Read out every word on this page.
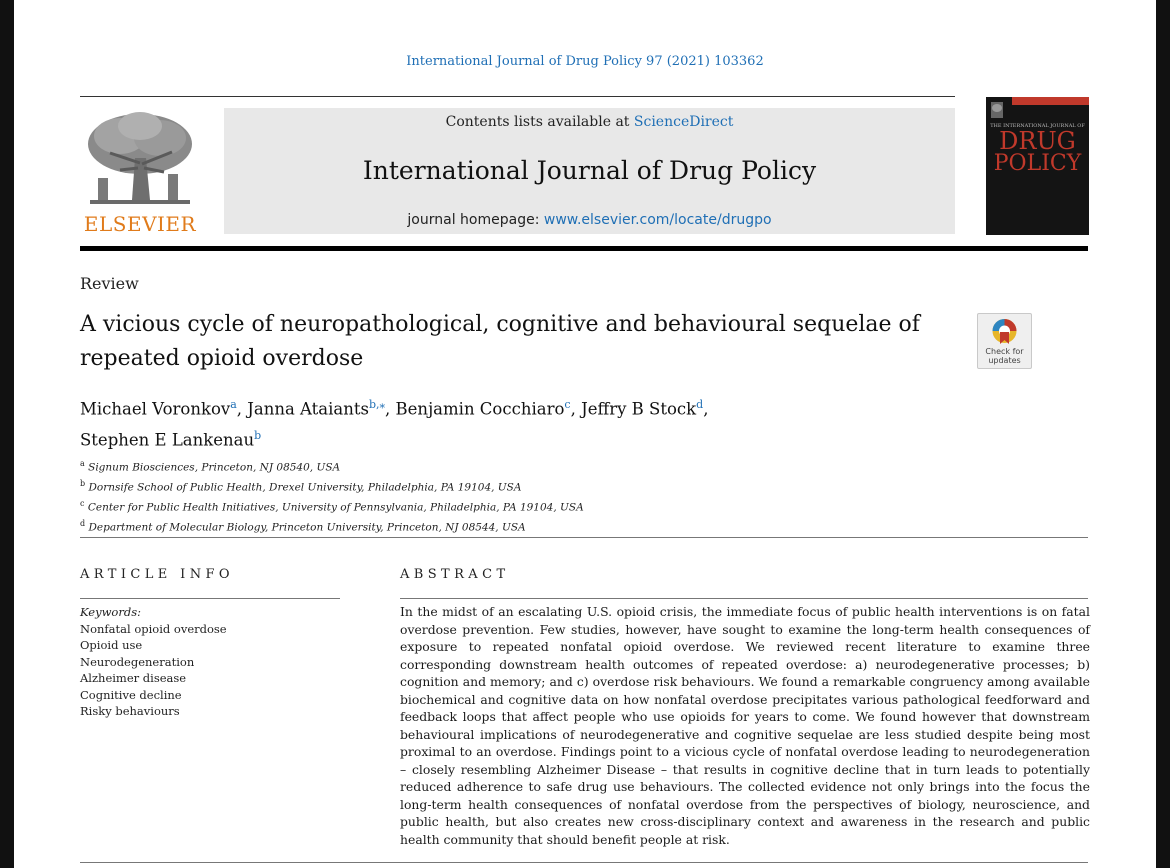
International Journal of Drug Policy 97 (2021) 103362
ELSEVIER
Contents lists available at ScienceDirect
International Journal of Drug Policy
journal homepage: www.elsevier.com/locate/drugpo
THE INTERNATIONAL JOURNAL OF
DRUG
POLICY
Review
A vicious cycle of neuropathological, cognitive and behavioural sequelae of repeated opioid overdose	Check for updates
Michael Voronkov$^a$, Janna Ataiants$^{b,⁎}$, Benjamin Cocchiaro$^c$, Jeffry B Stock$^d$,
Stephen E Lankenau$^b$
$^a$ Signum Biosciences, Princeton, NJ 08540, USA
$^b$ Dornsife School of Public Health, Drexel University, Philadelphia, PA 19104, USA
$^c$ Center for Public Health Initiatives, University of Pennsylvania, Philadelphia, PA 19104, USA
$^d$ Department of Molecular Biology, Princeton University, Princeton, NJ 08544, USA
ARTICLE INFO	ABSTRACT
Keywords:
Nonfatal opioid overdose
Opioid use
Neurodegeneration
Alzheimer disease
Cognitive decline
Risky behaviours

In the midst of an escalating U.S. opioid crisis, the immediate focus of public health interventions is on fatal overdose prevention. Few studies, however, have sought to examine the long-term health consequences of exposure to repeated nonfatal opioid overdose. We reviewed recent literature to examine three corresponding downstream health outcomes of repeated overdose: a) neurodegenerative processes; b) cognition and memory; and c) overdose risk behaviours. We found a remarkable congruency among available biochemical and cognitive data on how nonfatal overdose precipitates various pathological feedforward and feedback loops that affect people who use opioids for years to come. We found however that downstream behavioural implications of neurodegenerative and cognitive sequelae are less studied despite being most proximal to an overdose. Findings point to a vicious cycle of nonfatal overdose leading to neurodegeneration – closely resembling Alzheimer Disease – that results in cognitive decline that in turn leads to potentially reduced adherence to safe drug use behaviours. The collected evidence not only brings into the focus the long-term health consequences of nonfatal overdose from the perspectives of biology, neuroscience, and public health, but also creates new cross-disciplinary context and awareness in the research and public health community that should benefit people at risk.
